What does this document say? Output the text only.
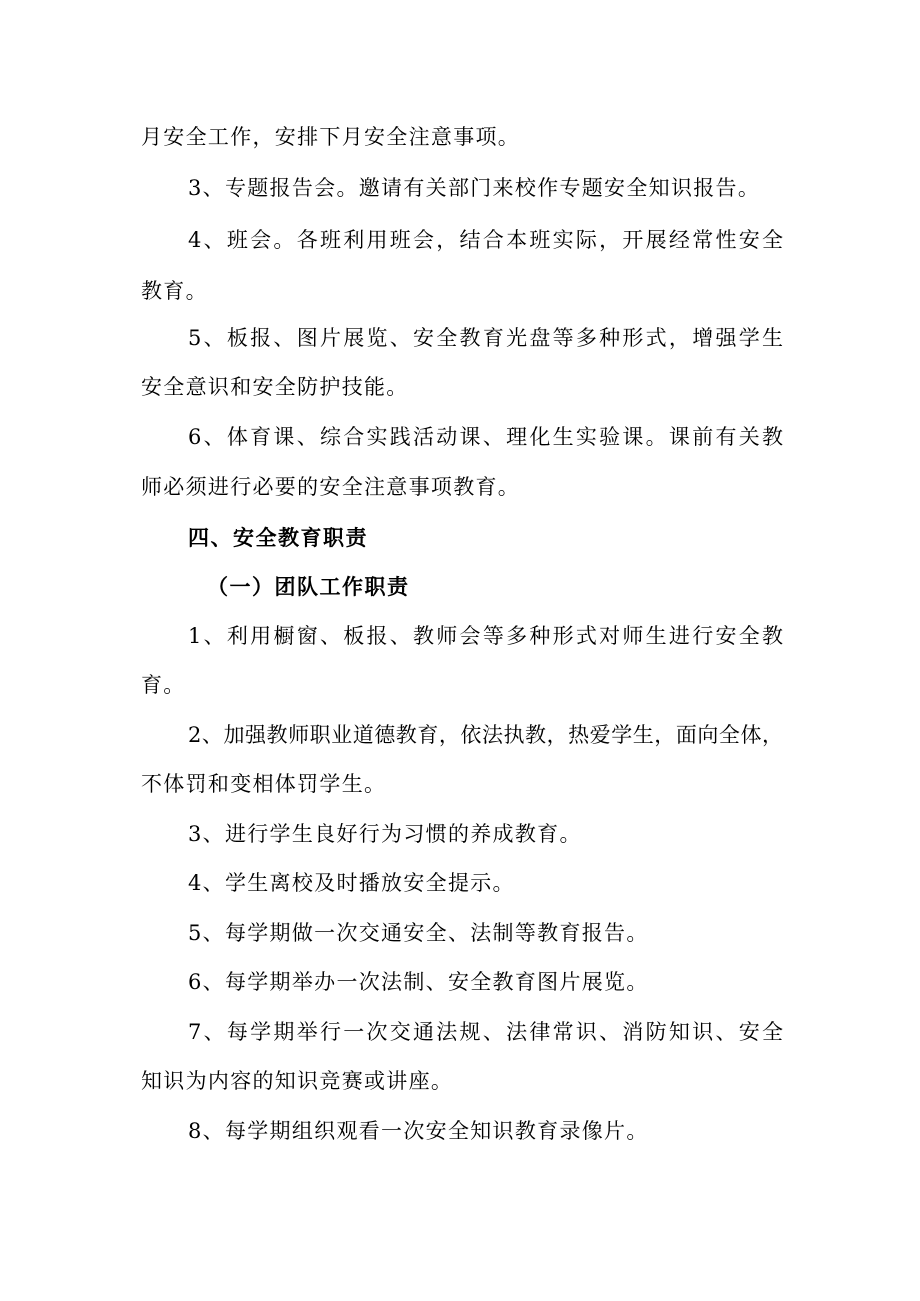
月安全工作，安排下月安全注意事项。
3、专题报告会。邀请有关部门来校作专题安全知识报告。
4、班会。各班利用班会，结合本班实际，开展经常性安全
教育。
5、板报、图片展览、安全教育光盘等多种形式，增强学生
安全意识和安全防护技能。
6、体育课、综合实践活动课、理化生实验课。课前有关教
师必须进行必要的安全注意事项教育。
四、安全教育职责
（一）团队工作职责
1、利用橱窗、板报、教师会等多种形式对师生进行安全教
育。
2、加强教师职业道德教育，依法执教，热爱学生，面向全体，
不体罚和变相体罚学生。
3、进行学生良好行为习惯的养成教育。
4、学生离校及时播放安全提示。
5、每学期做一次交通安全、法制等教育报告。
6、每学期举办一次法制、安全教育图片展览。
7、每学期举行一次交通法规、法律常识、消防知识、安全
知识为内容的知识竞赛或讲座。
8、每学期组织观看一次安全知识教育录像片。
